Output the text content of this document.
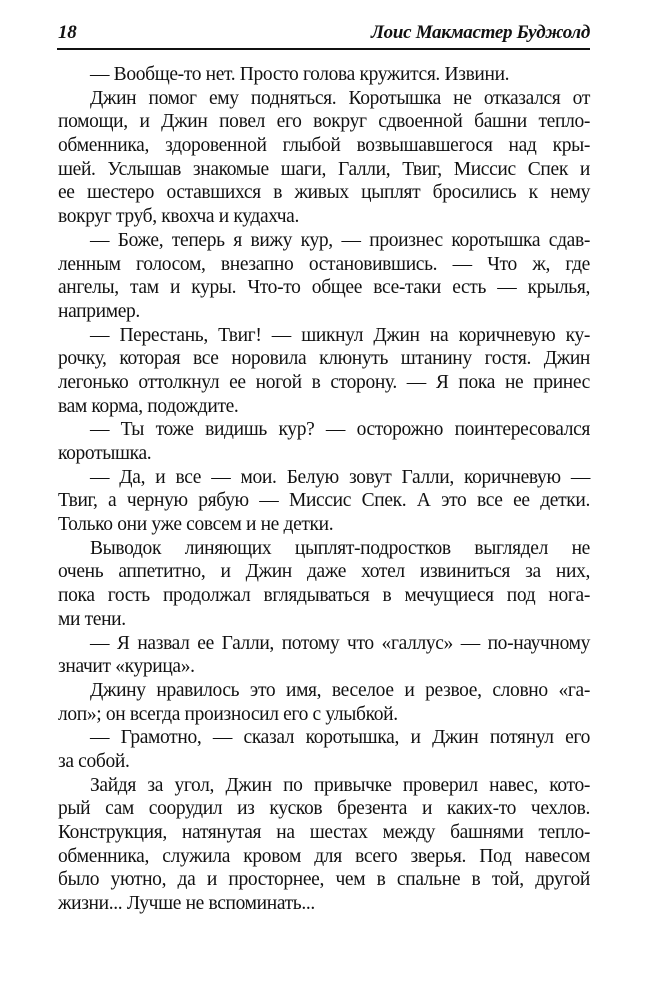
18	Лоис Макмастер Буджолд
— Вообще-то нет. Просто голова кружится. Извини.
Джин помог ему подняться. Коротышка не отказался от
помощи, и Джин повел его вокруг сдвоенной башни тепло-
обменника, здоровенной глыбой возвышавшегося над кры-
шей. Услышав знакомые шаги, Галли, Твиг, Миссис Спек и
ее шестеро оставшихся в живых цыплят бросились к нему
вокруг труб, квохча и кудахча.
— Боже, теперь я вижу кур, — произнес коротышка сдав-
ленным голосом, внезапно остановившись. — Что ж, где
ангелы, там и куры. Что-то общее все-таки есть — крылья,
например.
— Перестань, Твиг! — шикнул Джин на коричневую ку-
рочку, которая все норовила клюнуть штанину гостя. Джин
легонько оттолкнул ее ногой в сторону. — Я пока не принес
вам корма, подождите.
— Ты тоже видишь кур? — осторожно поинтересовался
коротышка.
— Да, и все — мои. Белую зовут Галли, коричневую —
Твиг, а черную рябую — Миссис Спек. А это все ее детки.
Только они уже совсем и не детки.
Выводок линяющих цыплят-подростков выглядел не
очень аппетитно, и Джин даже хотел извиниться за них,
пока гость продолжал вглядываться в мечущиеся под нога-
ми тени.
— Я назвал ее Галли, потому что «галлус» — по-научному
значит «курица».
Джину нравилось это имя, веселое и резвое, словно «га-
лоп»; он всегда произносил его с улыбкой.
— Грамотно, — сказал коротышка, и Джин потянул его
за собой.
Зайдя за угол, Джин по привычке проверил навес, кото-
рый сам соорудил из кусков брезента и каких-то чехлов.
Конструкция, натянутая на шестах между башнями тепло-
обменника, служила кровом для всего зверья. Под навесом
было уютно, да и просторнее, чем в спальне в той, другой
жизни... Лучше не вспоминать...
